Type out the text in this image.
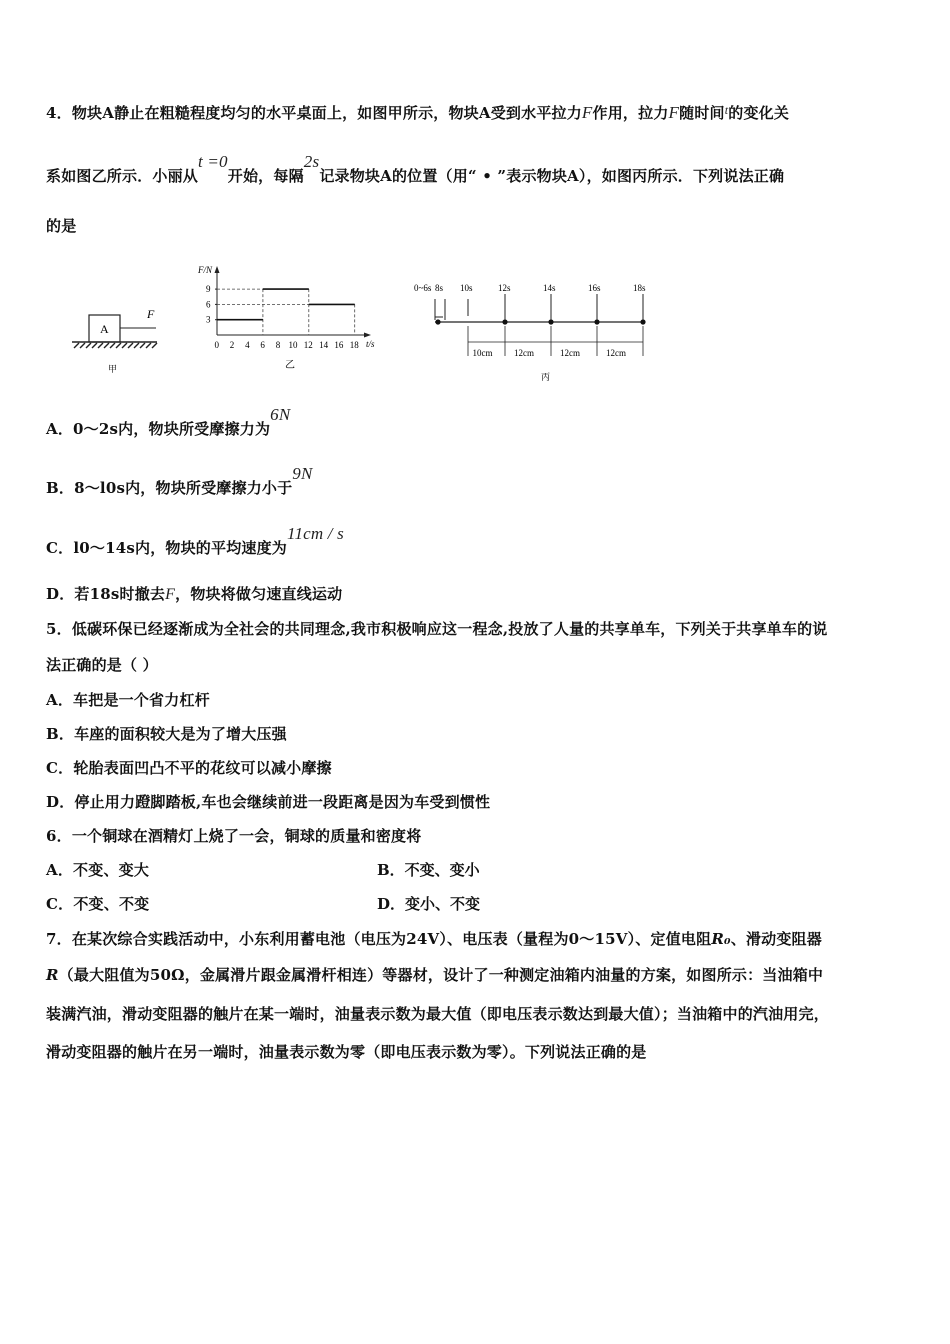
4．物块A静止在粗糙程度均匀的水平桌面上，如图甲所示，物块A受到水平拉力F作用，拉力F随时间$^t$的变化关
系如图乙所示．小丽从t =0开始，每隔2s记录物块A的位置（用“ • ”表示物块A），如图丙所示．下列说法正确
的是
A
F
甲
F/N
t/s
9
6
3
0 2 4 6 8 10 12 14 16 18
乙
0~6s 8s 10s	12s	14s	16s	18s
10cm 12cm	12cm	12cm
丙
A．0～2s内，物块所受摩擦力为6N
B．8～l0s内，物块所受摩擦力小于9N
C．l0～14s内，物块的平均速度为11cm / s
D．若18s时撤去F，物块将做匀速直线运动
5．低碳环保已经逐渐成为全社会的共同理念,我市积极响应这一程念,投放了人量的共享单车，下列关于共享单车的说
法正确的是（ ）
A．车把是一个省力杠杆
B．车座的面积较大是为了增大压强
C．轮胎表面凹凸不平的花纹可以减小摩擦
D．停止用力蹬脚踏板,车也会继续前进一段距离是因为车受到惯性
6．一个铜球在酒精灯上烧了一会，铜球的质量和密度将
A．不变、变大	B．不变、变小
C．不变、不变	D．变小、不变
7．在某次综合实践活动中，小东利用蓄电池（电压为24V）、电压表（量程为0～15V）、定值电阻R₀、滑动变阻器
R（最大阻值为50Ω，金属滑片跟金属滑杆相连）等器材，设计了一种测定油箱内油量的方案，如图所示：当油箱中
装满汽油，滑动变阻器的触片在某一端时，油量表示数为最大值（即电压表示数达到最大值）；当油箱中的汽油用完，
滑动变阻器的触片在另一端时，油量表示数为零（即电压表示数为零）。下列说法正确的是
